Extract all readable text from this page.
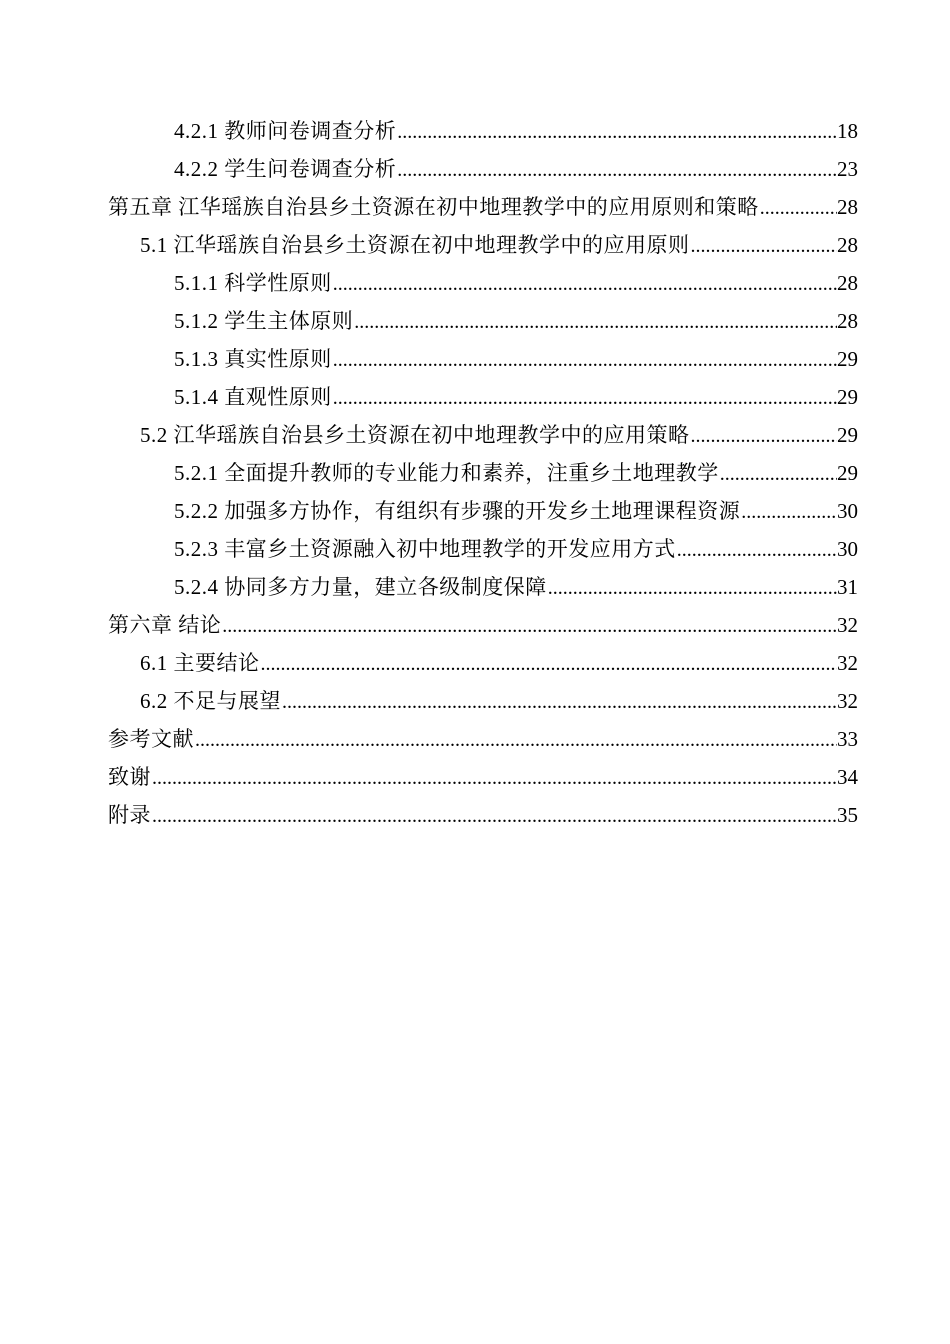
4.2.1 教师问卷调查分析 .....	18
4.2.2 学生问卷调查分析 .....	23
第五章 江华瑶族自治县乡土资源在初中地理教学中的应用原则和策略 .....	28
5.1 江华瑶族自治县乡土资源在初中地理教学中的应用原则 .....	28
5.1.1 科学性原则 .....	28
5.1.2 学生主体原则 .....	28
5.1.3 真实性原则 .....	29
5.1.4 直观性原则 .....	29
5.2 江华瑶族自治县乡土资源在初中地理教学中的应用策略 .....	29
5.2.1 全面提升教师的专业能力和素养，注重乡土地理教学 .....	29
5.2.2 加强多方协作，有组织有步骤的开发乡土地理课程资源 .....	30
5.2.3 丰富乡土资源融入初中地理教学的开发应用方式 .....	30
5.2.4 协同多方力量，建立各级制度保障 .....	31
第六章 结论 .....	32
6.1 主要结论 .....	32
6.2 不足与展望 .....	32
参考文献 .....	33
致谢 .....	34
附录 .....	35
